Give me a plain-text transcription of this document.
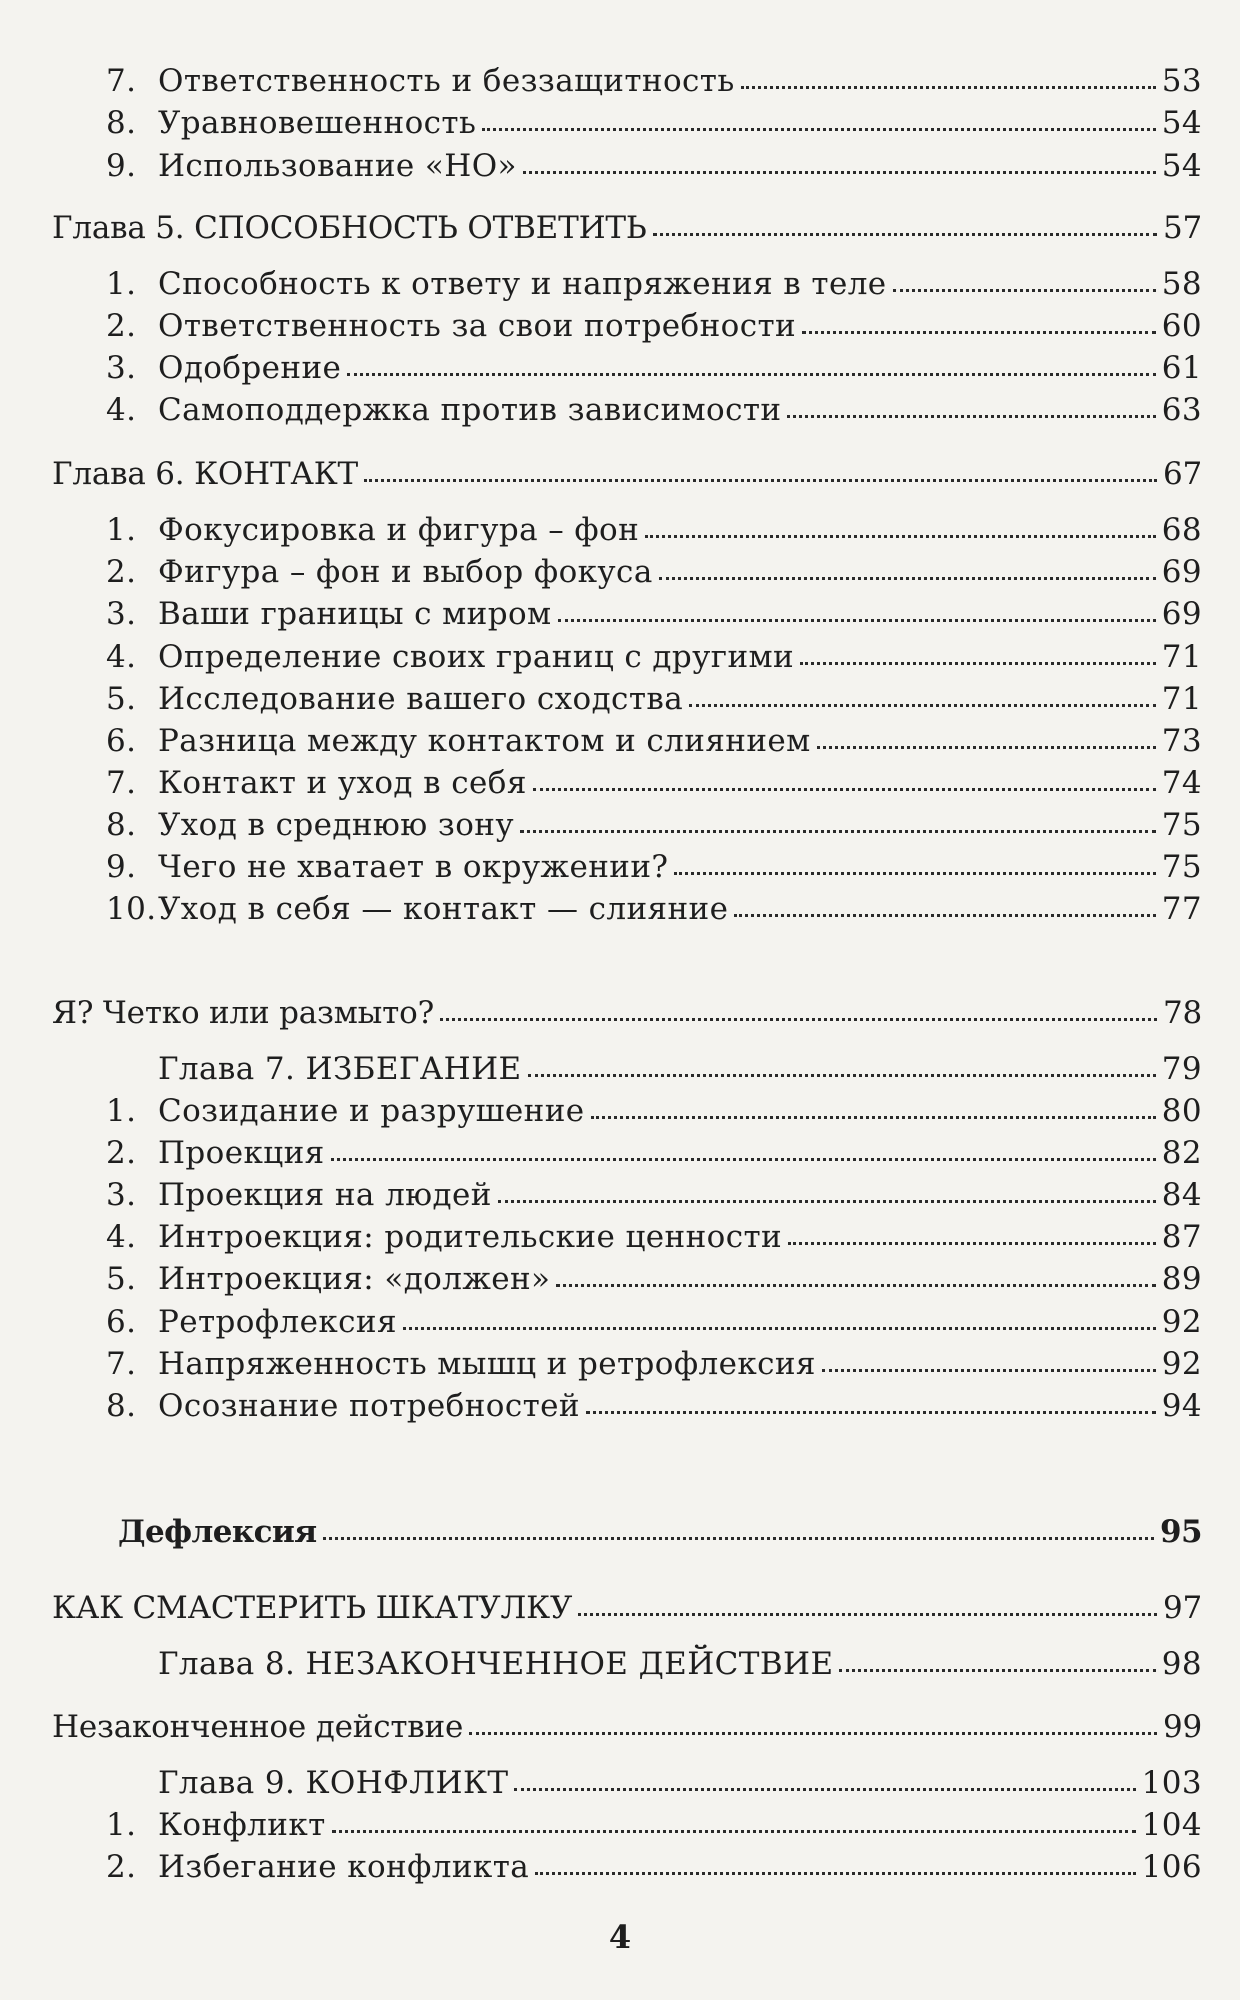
7. Ответственность и беззащитность	53
8. Уравновешенность	54
9. Использование «НО»	54
Глава 5. СПОСОБНОСТЬ ОТВЕТИТЬ	57
1. Способность к ответу и напряжения в теле	58
2. Ответственность за свои потребности	60
3. Одобрение	61
4. Самоподдержка против зависимости	63
Глава 6. КОНТАКТ	67
1. Фокусировка и фигура – фон	68
2. Фигура – фон и выбор фокуса	69
3. Ваши границы с миром	69
4. Определение своих границ с другими	71
5. Исследование вашего сходства	71
6. Разница между контактом и слиянием	73
7. Контакт и уход в себя	74
8. Уход в среднюю зону	75
9. Чего не хватает в окружении?	75
10. Уход в себя — контакт — слияние	77
Я? Четко или размыто?	78
Глава 7. ИЗБЕГАНИЕ	79
1. Созидание и разрушение	80
2. Проекция	82
3. Проекция на людей	84
4. Интроекция: родительские ценности	87
5. Интроекция: «должен»	89
6. Ретрофлексия	92
7. Напряженность мышц и ретрофлексия	92
8. Осознание потребностей	94
Дефлексия	95
КАК СМАСТЕРИТЬ ШКАТУЛКУ	97
Глава 8. НЕЗАКОНЧЕННОЕ ДЕЙСТВИЕ	98
Незаконченное действие	99
Глава 9. КОНФЛИКТ	103
1. Конфликт	104
2. Избегание конфликта	106
4
